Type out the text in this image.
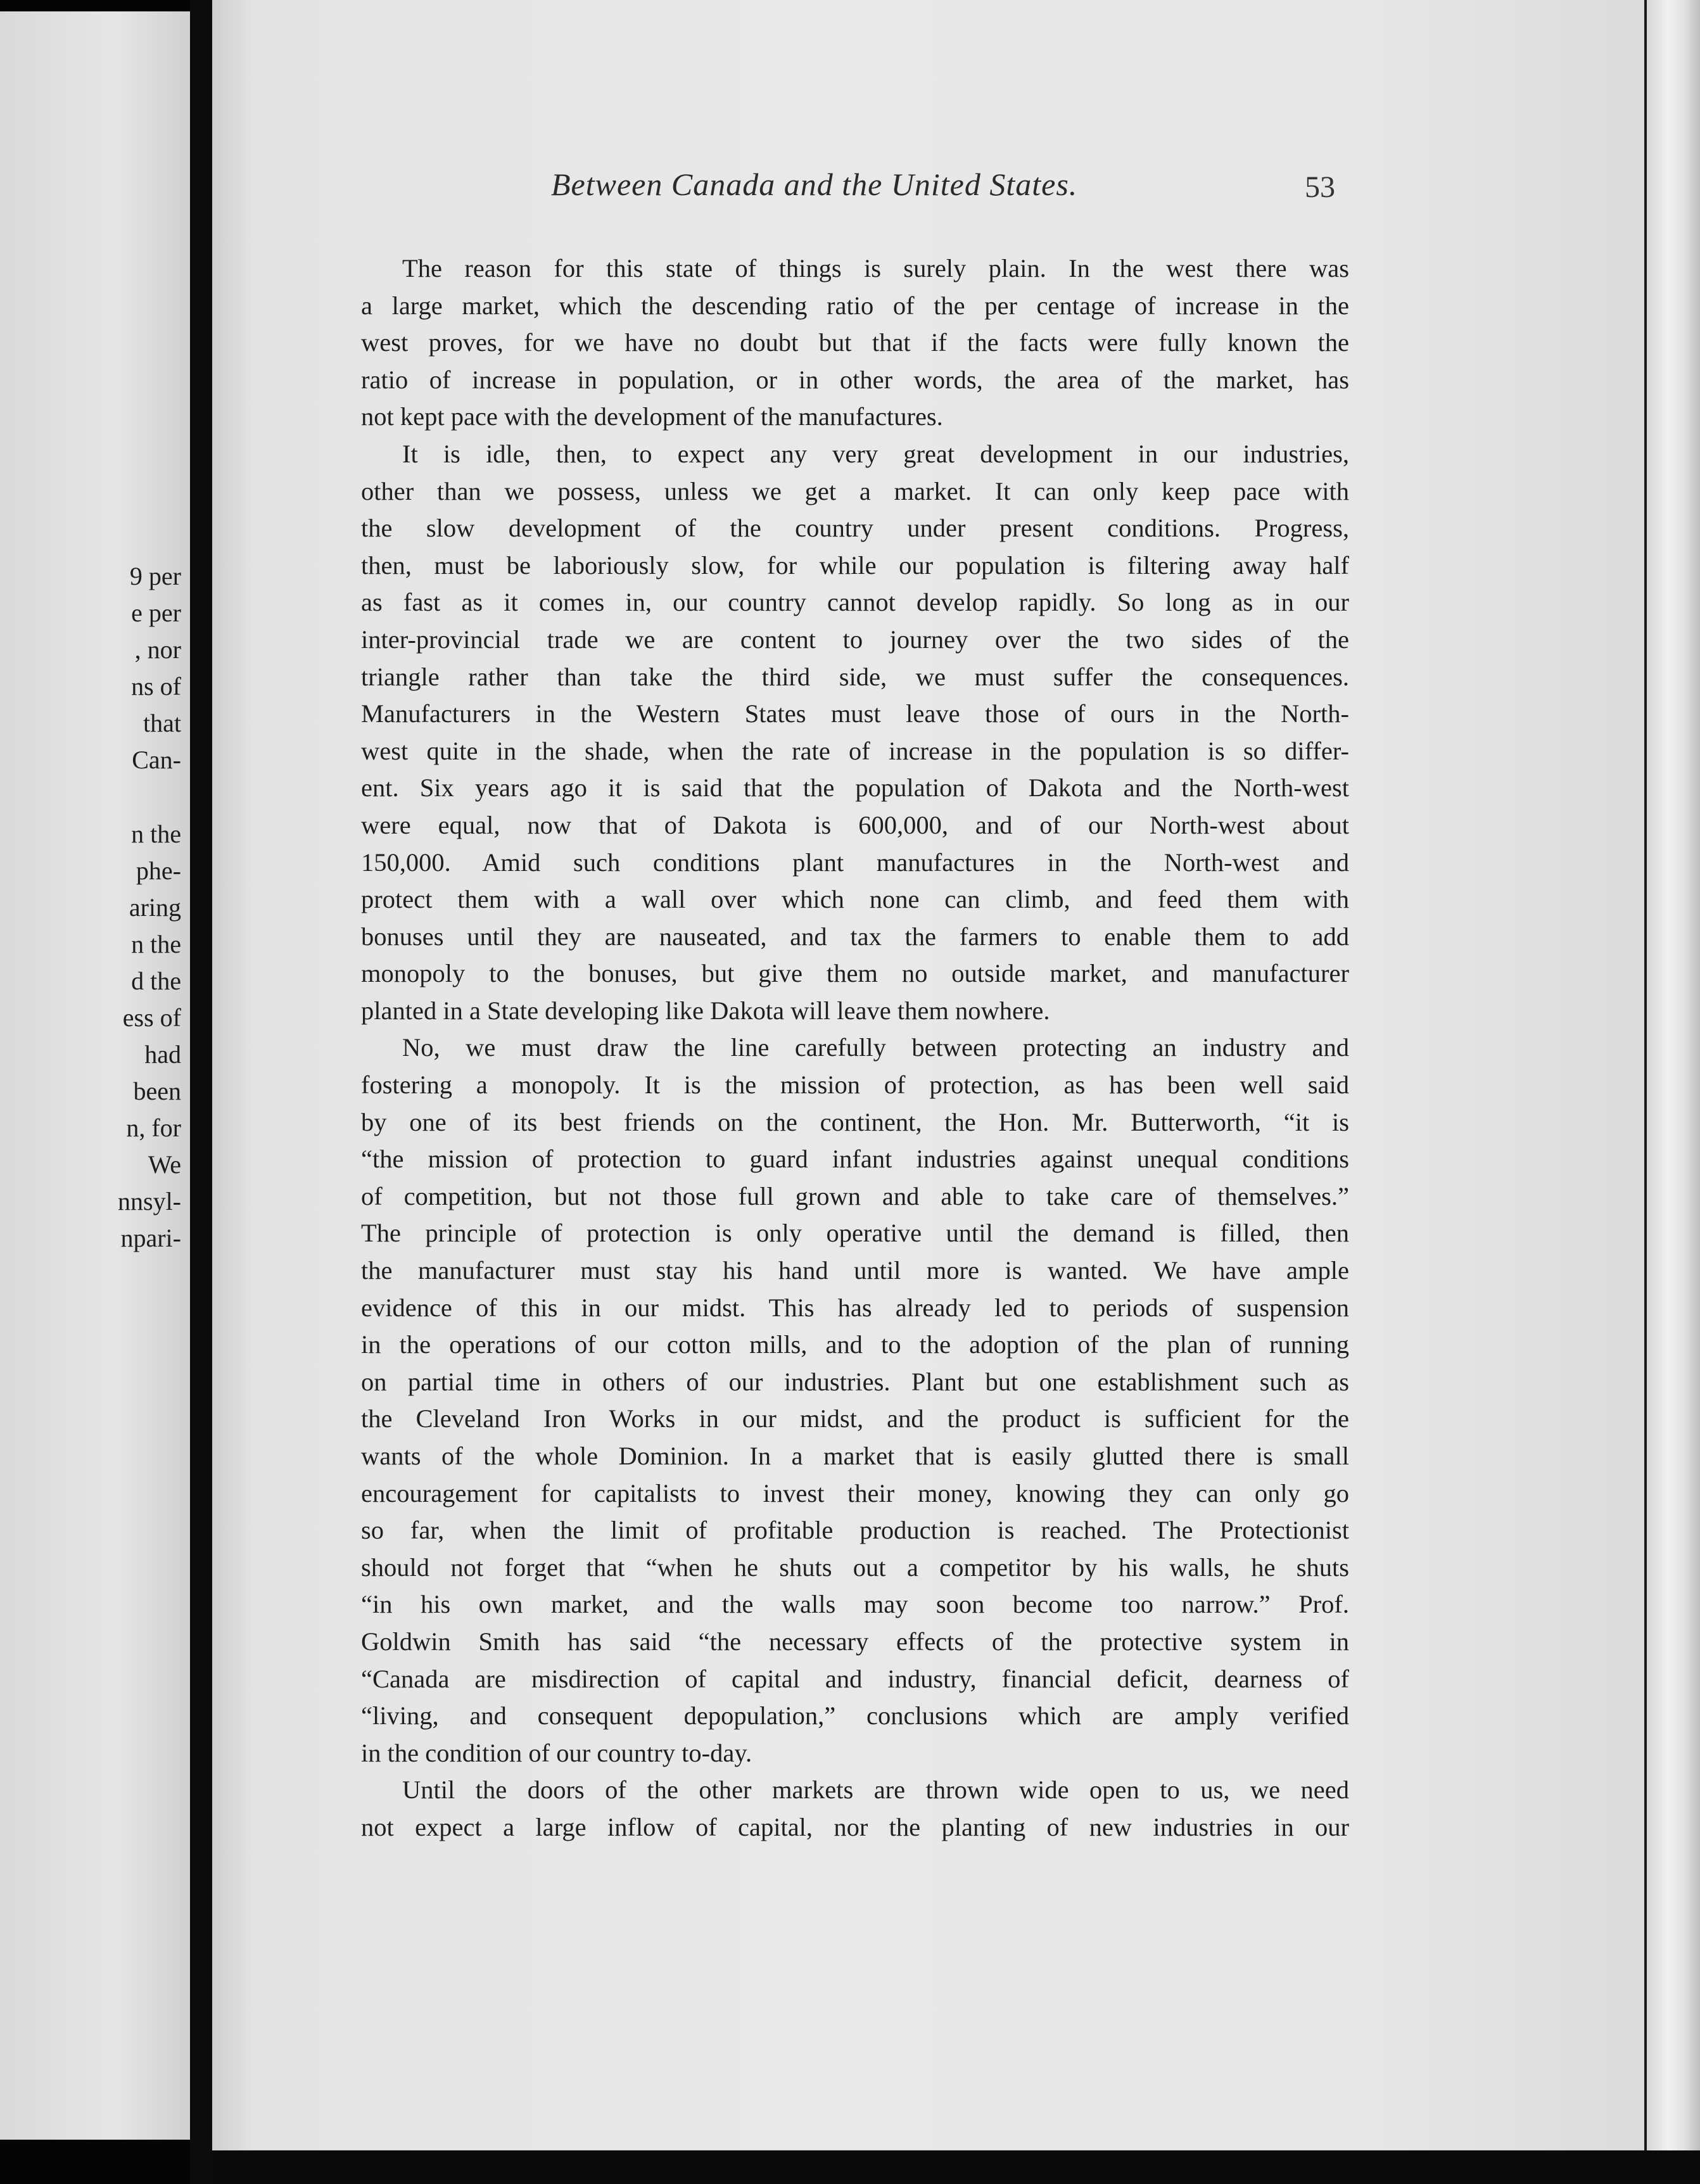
9 per
e per
, nor
ns of
that
Can-
n the
phe-
aring
n the
d the
ess of
had
been
n, for
We
nnsyl-
npari-
Between Canada and the United States.	53
The reason for this state of things is surely plain. In the west there was
a large market, which the descending ratio of the per centage of increase in the
west proves, for we have no doubt but that if the facts were fully known the
ratio of increase in population, or in other words, the area of the market, has
not kept pace with the development of the manufactures.
It is idle, then, to expect any very great development in our industries,
other than we possess, unless we get a market. It can only keep pace with
the slow development of the country under present conditions. Progress,
then, must be laboriously slow, for while our population is filtering away half
as fast as it comes in, our country cannot develop rapidly. So long as in our
inter-provincial trade we are content to journey over the two sides of the
triangle rather than take the third side, we must suffer the consequences.
Manufacturers in the Western States must leave those of ours in the North-
west quite in the shade, when the rate of increase in the population is so differ-
ent. Six years ago it is said that the population of Dakota and the North-west
were equal, now that of Dakota is 600,000, and of our North-west about
150,000. Amid such conditions plant manufactures in the North-west and
protect them with a wall over which none can climb, and feed them with
bonuses until they are nauseated, and tax the farmers to enable them to add
monopoly to the bonuses, but give them no outside market, and manufacturer
planted in a State developing like Dakota will leave them nowhere.
No, we must draw the line carefully between protecting an industry and
fostering a monopoly. It is the mission of protection, as has been well said
by one of its best friends on the continent, the Hon. Mr. Butterworth, “it is
“the mission of protection to guard infant industries against unequal conditions
of competition, but not those full grown and able to take care of themselves.”
The principle of protection is only operative until the demand is filled, then
the manufacturer must stay his hand until more is wanted. We have ample
evidence of this in our midst. This has already led to periods of suspension
in the operations of our cotton mills, and to the adoption of the plan of running
on partial time in others of our industries. Plant but one establishment such as
the Cleveland Iron Works in our midst, and the product is sufficient for the
wants of the whole Dominion. In a market that is easily glutted there is small
encouragement for capitalists to invest their money, knowing they can only go
so far, when the limit of profitable production is reached. The Protectionist
should not forget that “when he shuts out a competitor by his walls, he shuts
“in his own market, and the walls may soon become too narrow.” Prof.
Goldwin Smith has said “the necessary effects of the protective system in
“Canada are misdirection of capital and industry, financial deficit, dearness of
“living, and consequent depopulation,” conclusions which are amply verified
in the condition of our country to-day.
Until the doors of the other markets are thrown wide open to us, we need
not expect a large inflow of capital, nor the planting of new industries in our
